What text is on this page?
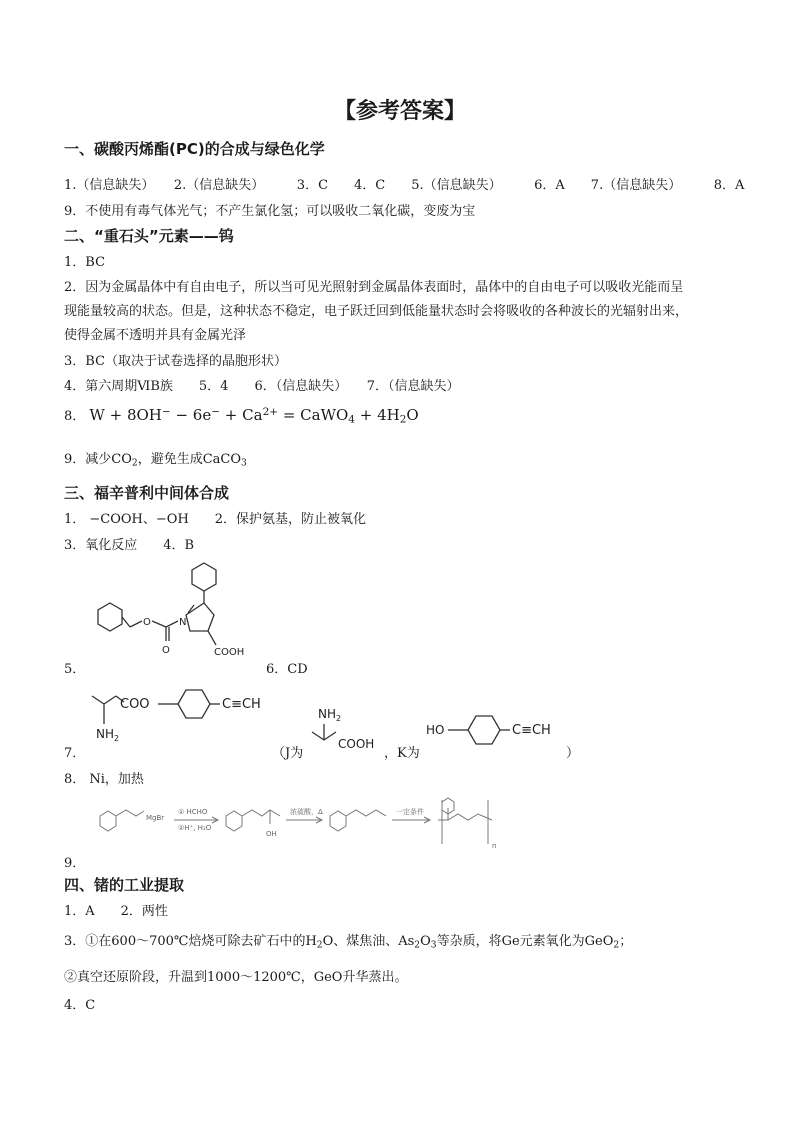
【参考答案】
一、碳酸丙烯酯(PC)的合成与绿色化学
1.（信息缺失）　　2.（信息缺失）　　　3．C　　4．C　　5.（信息缺失）　　　6．A　　7.（信息缺失）　　　8．A
9．不使用有毒气体光气；不产生氯化氢；可以吸收二氧化碳，变废为宝
二、“重石头”元素——钨
1．BC
2．因为金属晶体中有自由电子，所以当可见光照射到金属晶体表面时，晶体中的自由电子可以吸收光能而呈
现能量较高的状态。但是，这种状态不稳定，电子跃迁回到低能量状态时会将吸收的各种波长的光辐射出来，
使得金属不透明并具有金属光泽
3．BC（取决于试卷选择的晶胞形状）
4．第六周期ⅥB族　　5．4　　6．（信息缺失）　　7．（信息缺失）
8． $W + 8OH^- - 6e^- + Ca^{2+}$ = CaWO$_4$ + $4H_2O$
9．减少$CO_2$，避免生成CaCO$_3$
三、福辛普利中间体合成
1． −COOH、−OH　　2．保护氨基，防止被氧化
3．氧化反应　　4．B
N
O
O	COOH
5．	6．CD
COO
$NH_2$
C≡CH
7．	（J为
$NH_2$
COOH
，K为
HO	C≡CH
）
8． Ni，加热
MgBr
① HCHO
②H⁺, H₂O
OH
浓硫酸，Δ	一定条件
n
9．
四、锗的工业提取
1．A　　2．两性
3．①在600～700℃焙烧可除去矿石中的$H_2O$、煤焦油、$As_2O_3$等杂质，将Ge元素氧化为GeO$_2$；
②真空还原阶段，升温到1000～1200℃，GeO升华蒸出。
4．C
